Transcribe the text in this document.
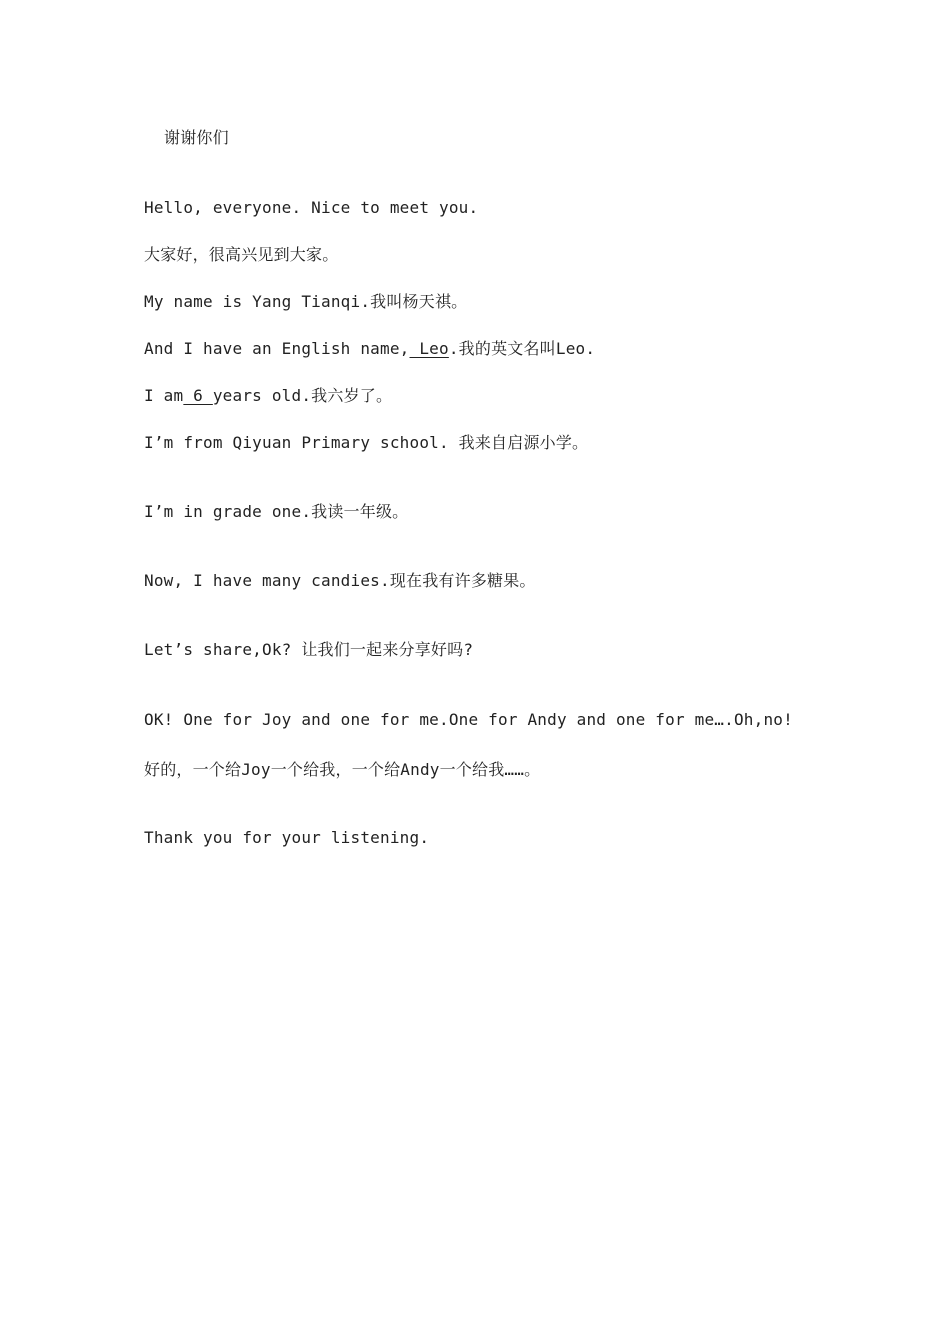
谢谢你们
Hello, everyone. Nice to meet you.
大家好，很高兴见到大家。
My name is Yang Tianqi.我叫杨天祺。
And I have an English name, Leo.我的英文名叫Leo.
I am 6 years old.我六岁了。
I’m from Qiyuan Primary school. 我来自启源小学。
I’m in grade one.我读一年级。
Now, I have many candies.现在我有许多糖果。
Let’s share,Ok? 让我们一起来分享好吗?
OK! One for Joy and one for me.One for Andy and one for me….Oh,no!
好的，一个给Joy一个给我，一个给Andy一个给我……。
Thank you for your listening.
